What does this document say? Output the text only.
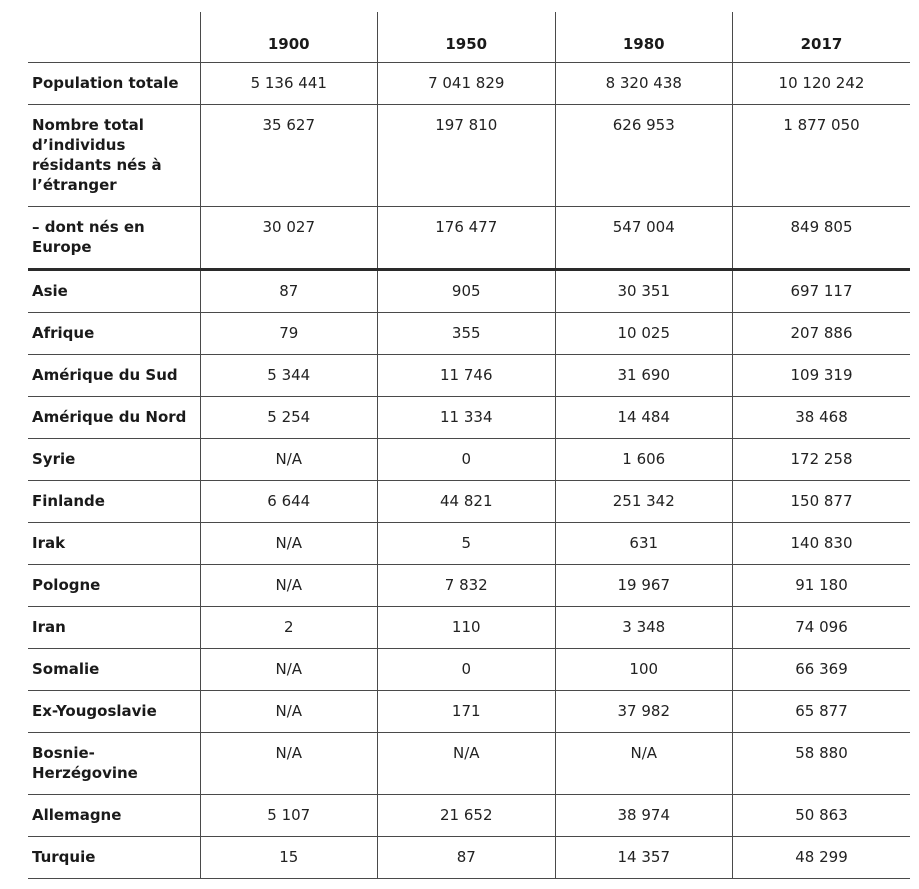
	1900	1950	1980	2017
Population totale	5 136 441	7 041 829	8 320 438	10 120 242
Nombre total d’individus résidants nés à l’étranger	35 627	197 810	626 953	1 877 050
– dont nés en Europe	30 027	176 477	547 004	849 805
Asie	87	905	30 351	697 117
Afrique	79	355	10 025	207 886
Amérique du Sud	5 344	11 746	31 690	109 319
Amérique du Nord	5 254	11 334	14 484	38 468
Syrie	N/A	0	1 606	172 258
Finlande	6 644	44 821	251 342	150 877
Irak	N/A	5	631	140 830
Pologne	N/A	7 832	19 967	91 180
Iran	2	110	3 348	74 096
Somalie	N/A	0	100	66 369
Ex-Yougoslavie	N/A	171	37 982	65 877
Bosnie-Herzégovine	N/A	N/A	N/A	58 880
Allemagne	5 107	21 652	38 974	50 863
Turquie	15	87	14 357	48 299
